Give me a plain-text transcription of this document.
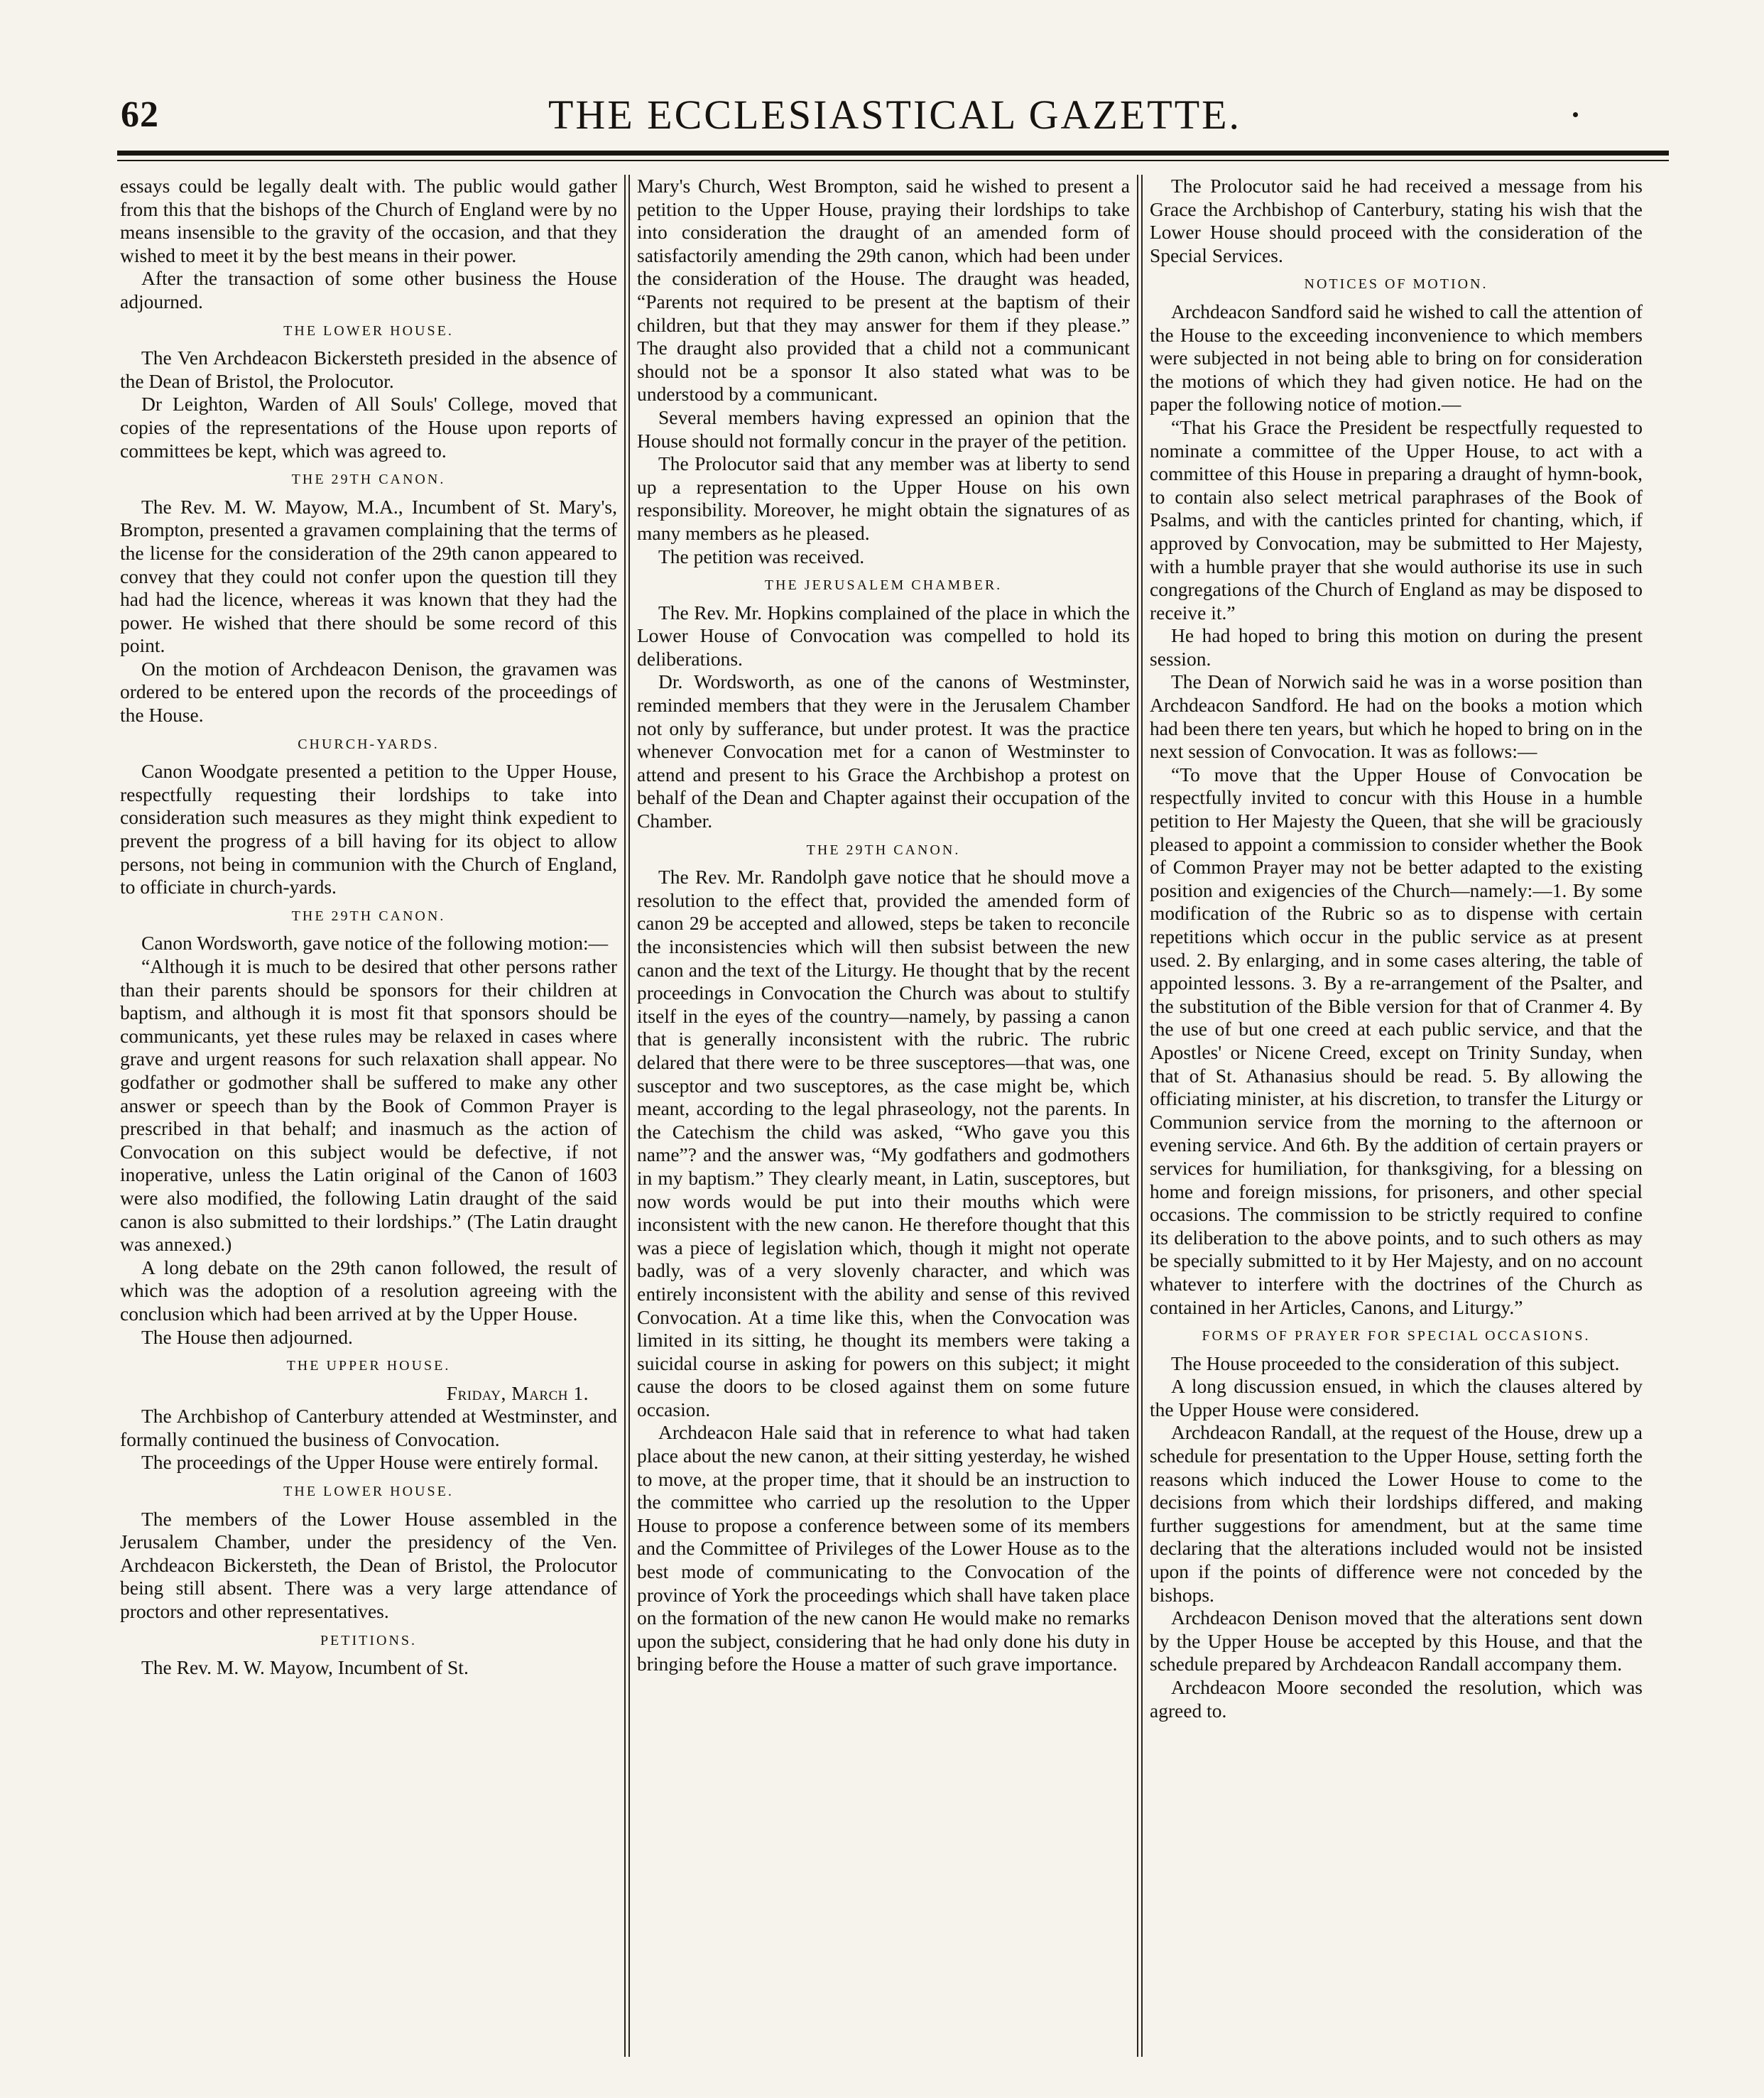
62	THE ECCLESIASTICAL GAZETTE.

essays could be legally dealt with. The public would gather from this that the bishops of the Church of England were by no means insensible to the gravity of the occasion, and that they wished to meet it by the best means in their power.

After the transaction of some other business the House adjourned.

THE LOWER HOUSE.

The Ven Archdeacon Bickersteth presided in the absence of the Dean of Bristol, the Prolocutor.

Dr Leighton, Warden of All Souls' College, moved that copies of the representations of the House upon reports of committees be kept, which was agreed to.

THE 29TH CANON.

The Rev. M. W. Mayow, M.A., Incumbent of St. Mary's, Brompton, presented a gravamen complaining that the terms of the license for the consideration of the 29th canon appeared to convey that they could not confer upon the question till they had had the licence, whereas it was known that they had the power. He wished that there should be some record of this point.

On the motion of Archdeacon Denison, the gravamen was ordered to be entered upon the records of the proceedings of the House.

CHURCH-YARDS.

Canon Woodgate presented a petition to the Upper House, respectfully requesting their lordships to take into consideration such measures as they might think expedient to prevent the progress of a bill having for its object to allow persons, not being in communion with the Church of England, to officiate in church-yards.

THE 29TH CANON.

Canon Wordsworth, gave notice of the following motion:—

“Although it is much to be desired that other persons rather than their parents should be sponsors for their children at baptism, and although it is most fit that sponsors should be communicants, yet these rules may be relaxed in cases where grave and urgent reasons for such relaxation shall appear. No godfather or godmother shall be suffered to make any other answer or speech than by the Book of Common Prayer is prescribed in that behalf; and inasmuch as the action of Convocation on this subject would be defective, if not inoperative, unless the Latin original of the Canon of 1603 were also modified, the following Latin draught of the said canon is also submitted to their lordships.” (The Latin draught was annexed.)

A long debate on the 29th canon followed, the result of which was the adoption of a resolution agreeing with the conclusion which had been arrived at by the Upper House.

The House then adjourned.

THE UPPER HOUSE.
Friday, March 1.

The Archbishop of Canterbury attended at Westminster, and formally continued the business of Convocation.

The proceedings of the Upper House were entirely formal.

THE LOWER HOUSE.

The members of the Lower House assembled in the Jerusalem Chamber, under the presidency of the Ven. Archdeacon Bickersteth, the Dean of Bristol, the Prolocutor being still absent. There was a very large attendance of proctors and other representatives.

PETITIONS.

The Rev. M. W. Mayow, Incumbent of St.

Mary's Church, West Brompton, said he wished to present a petition to the Upper House, praying their lordships to take into consideration the draught of an amended form of satisfactorily amending the 29th canon, which had been under the consideration of the House. The draught was headed, “Parents not required to be present at the baptism of their children, but that they may answer for them if they please.” The draught also provided that a child not a communicant should not be a sponsor It also stated what was to be understood by a communicant.

Several members having expressed an opinion that the House should not formally concur in the prayer of the petition.

The Prolocutor said that any member was at liberty to send up a representation to the Upper House on his own responsibility. Moreover, he might obtain the signatures of as many members as he pleased.

The petition was received.

THE JERUSALEM CHAMBER.

The Rev. Mr. Hopkins complained of the place in which the Lower House of Convocation was compelled to hold its deliberations.

Dr. Wordsworth, as one of the canons of Westminster, reminded members that they were in the Jerusalem Chamber not only by sufferance, but under protest. It was the practice whenever Convocation met for a canon of Westminster to attend and present to his Grace the Archbishop a protest on behalf of the Dean and Chapter against their occupation of the Chamber.

THE 29TH CANON.

The Rev. Mr. Randolph gave notice that he should move a resolution to the effect that, provided the amended form of canon 29 be accepted and allowed, steps be taken to reconcile the inconsistencies which will then subsist between the new canon and the text of the Liturgy. He thought that by the recent proceedings in Convocation the Church was about to stultify itself in the eyes of the country—namely, by passing a canon that is generally inconsistent with the rubric. The rubric delared that there were to be three susceptores—that was, one susceptor and two susceptores, as the case might be, which meant, according to the legal phraseology, not the parents. In the Catechism the child was asked, “Who gave you this name”? and the answer was, “My godfathers and godmothers in my baptism.” They clearly meant, in Latin, susceptores, but now words would be put into their mouths which were inconsistent with the new canon. He therefore thought that this was a piece of legislation which, though it might not operate badly, was of a very slovenly character, and which was entirely inconsistent with the ability and sense of this revived Convocation. At a time like this, when the Convocation was limited in its sitting, he thought its members were taking a suicidal course in asking for powers on this subject; it might cause the doors to be closed against them on some future occasion.

Archdeacon Hale said that in reference to what had taken place about the new canon, at their sitting yesterday, he wished to move, at the proper time, that it should be an instruction to the committee who carried up the resolution to the Upper House to propose a conference between some of its members and the Committee of Privileges of the Lower House as to the best mode of communicating to the Convocation of the province of York the proceedings which shall have taken place on the formation of the new canon He would make no remarks upon the subject, considering that he had only done his duty in bringing before the House a matter of such grave importance.

The Prolocutor said he had received a message from his Grace the Archbishop of Canterbury, stating his wish that the Lower House should proceed with the consideration of the Special Services.

NOTICES OF MOTION.

Archdeacon Sandford said he wished to call the attention of the House to the exceeding inconvenience to which members were subjected in not being able to bring on for consideration the motions of which they had given notice. He had on the paper the following notice of motion.—

“That his Grace the President be respectfully requested to nominate a committee of the Upper House, to act with a committee of this House in preparing a draught of hymn-book, to contain also select metrical paraphrases of the Book of Psalms, and with the canticles printed for chanting, which, if approved by Convocation, may be submitted to Her Majesty, with a humble prayer that she would authorise its use in such congregations of the Church of England as may be disposed to receive it.”

He had hoped to bring this motion on during the present session.

The Dean of Norwich said he was in a worse position than Archdeacon Sandford. He had on the books a motion which had been there ten years, but which he hoped to bring on in the next session of Convocation. It was as follows:—

“To move that the Upper House of Convocation be respectfully invited to concur with this House in a humble petition to Her Majesty the Queen, that she will be graciously pleased to appoint a commission to consider whether the Book of Common Prayer may not be better adapted to the existing position and exigencies of the Church—namely:—1. By some modification of the Rubric so as to dispense with certain repetitions which occur in the public service as at present used. 2. By enlarging, and in some cases altering, the table of appointed lessons. 3. By a re-arrangement of the Psalter, and the substitution of the Bible version for that of Cranmer 4. By the use of but one creed at each public service, and that the Apostles' or Nicene Creed, except on Trinity Sunday, when that of St. Athanasius should be read. 5. By allowing the officiating minister, at his discretion, to transfer the Liturgy or Communion service from the morning to the afternoon or evening service. And 6th. By the addition of certain prayers or services for humiliation, for thanksgiving, for a blessing on home and foreign missions, for prisoners, and other special occasions. The commission to be strictly required to confine its deliberation to the above points, and to such others as may be specially submitted to it by Her Majesty, and on no account whatever to interfere with the doctrines of the Church as contained in her Articles, Canons, and Liturgy.”

FORMS OF PRAYER FOR SPECIAL OCCASIONS.

The House proceeded to the consideration of this subject.

A long discussion ensued, in which the clauses altered by the Upper House were considered.

Archdeacon Randall, at the request of the House, drew up a schedule for presentation to the Upper House, setting forth the reasons which induced the Lower House to come to the decisions from which their lordships differed, and making further suggestions for amendment, but at the same time declaring that the alterations included would not be insisted upon if the points of difference were not conceded by the bishops.

Archdeacon Denison moved that the alterations sent down by the Upper House be accepted by this House, and that the schedule prepared by Archdeacon Randall accompany them.

Archdeacon Moore seconded the resolution, which was agreed to.
